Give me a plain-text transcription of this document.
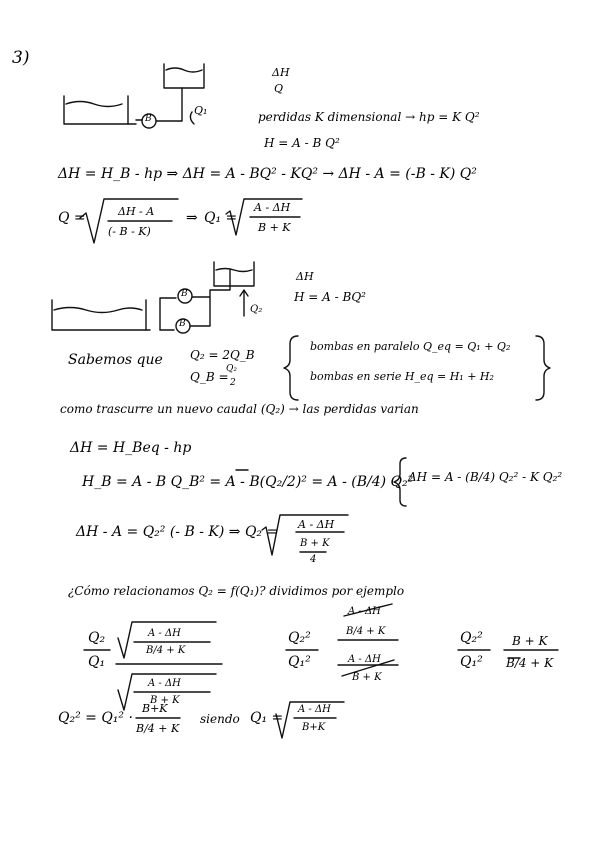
3)
Q₁
B
ΔH
Q
perdidas K dimensional → hp = K Q²
H = A - B Q²
ΔH = H_B - hp ⇒ ΔH = A - BQ² - KQ² → ΔH - A = (-B - K) Q²
Q =	ΔH - A
(- B - K)
⇒ Q₁ =
A - ΔH
B + K
B
B
Q₂
ΔH
H = A - BQ²
Sabemos que Q₂ = 2Q_B
Q_B =
Q₂
2
bombas en paralelo Q_eq = Q₁ + Q₂
bombas en serie H_eq = H₁ + H₂
como trascurre un nuevo caudal (Q₂) → las perdidas varian
ΔH = H_Beq - hp
H_B = A - B Q_B² = A - B(Q₂/2)² = A - (B/4) Q₂²
ΔH = A - (B/4) Q₂² - K Q₂²
ΔH - A = Q₂² (- B - K) ⇒ Q₂ = A - ΔH
B + K
4
¿Cómo relacionamos Q₂ = f(Q₁)? dividimos por ejemplo
Q₂
Q₁
A - ΔH
B/4 + K
A - ΔH
B + K
Q₂²
Q₁²
A - ΔH
B/4 + K
A - ΔH
B + K
Q₂²
Q₁²
B + K
B/4 + K
Q₂² = Q₁² ·
B+K
B/4 + K
siendo Q₁ =
A - ΔH
B+K
